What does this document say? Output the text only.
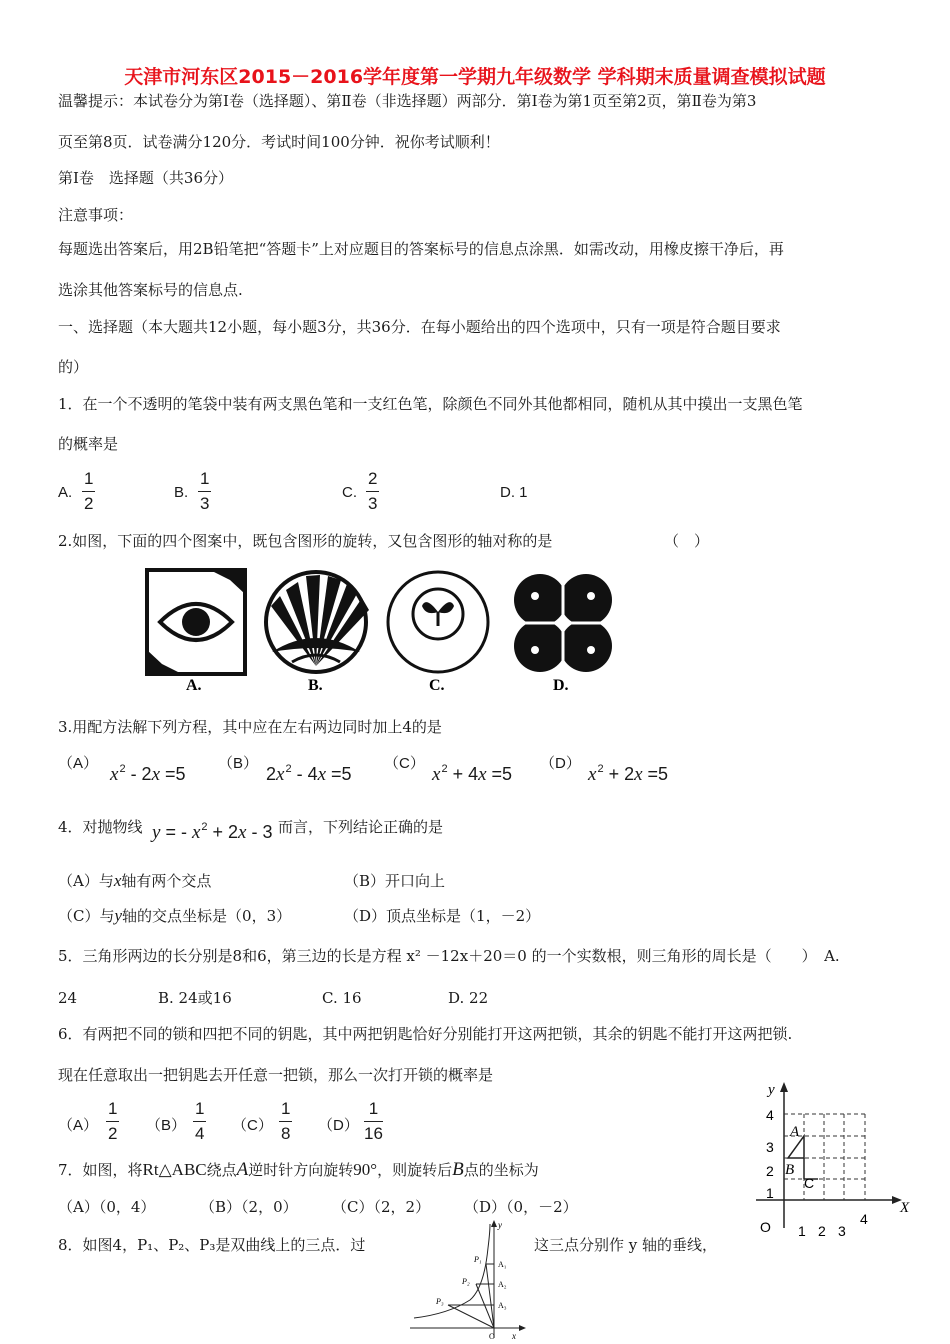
天津市河东区2015－2016学年度第一学期九年级数学 学科期末质量调查模拟试题
温馨提示：本试卷分为第Ⅰ卷（选择题）、第Ⅱ卷（非选择题）两部分．第Ⅰ卷为第1页至第2页，第Ⅱ卷为第3
页至第8页．试卷满分120分．考试时间100分钟．祝你考试顺利！
第Ⅰ卷　选择题（共36分）
注意事项：
每题选出答案后，用2B铅笔把“答题卡”上对应题目的答案标号的信息点涂黑．如需改动，用橡皮擦干净后，再
选涂其他答案标号的信息点.
一、选择题（本大题共12小题，每小题3分，共36分．在每小题给出的四个选项中，只有一项是符合题目要求
的）
1．在一个不透明的笔袋中装有两支黑色笔和一支红色笔，除颜色不同外其他都相同，随机从其中摸出一支黑色笔
的概率是
A.
1
2
B.
1
3
C.
2
3
D. 1
2.如图，下面的四个图案中，既包含图形的旋转，又包含图形的轴对称的是	（　）
A.	B.	C.	D.
3.用配方法解下列方程，其中应在左右两边同时加上4的是
（A）
$x^2 - 2x =5$
（B）
$2x^2 - 4x =5$
（C）
$x^2 + 4x =5$
（D）
$x^2 + 2x =5$
4．对抛物线 y = - $x^2 + 2x - 3$ 而言，下列结论正确的是
（A）与x轴有两个交点	（B）开口向上
（C）与y轴的交点坐标是（0，3）	（D）顶点坐标是（1，－2）
5．三角形两边的长分别是8和6，第三边的长是方程 x² －12x＋20＝0 的一个实数根，则三角形的周长是（　　）　A.
24	B. 24或16	C. 16	D. 22
6．有两把不同的锁和四把不同的钥匙，其中两把钥匙恰好分别能打开这两把锁，其余的钥匙不能打开这两把锁.
现在任意取出一把钥匙去开任意一把锁，那么一次打开锁的概率是
（A）
1
2 （B）
1
4 （C）
1
8 （D）
1
16
7．如图，将Rt△ABC绕点A逆时针方向旋转90°，则旋转后B点的坐标为
（A）（0，4）	（B）（2，0） （C）（2，2） （D）（0，－2）
8．如图4，P₁、P₂、P₃是双曲线上的三点．过	这三点分别作 y 轴的垂线，
y
X
O
4
3
2
1
1 2 3
4
A
B
C
y
x
O
P₁
P₂
P₃
A₁
A₂
A₃
